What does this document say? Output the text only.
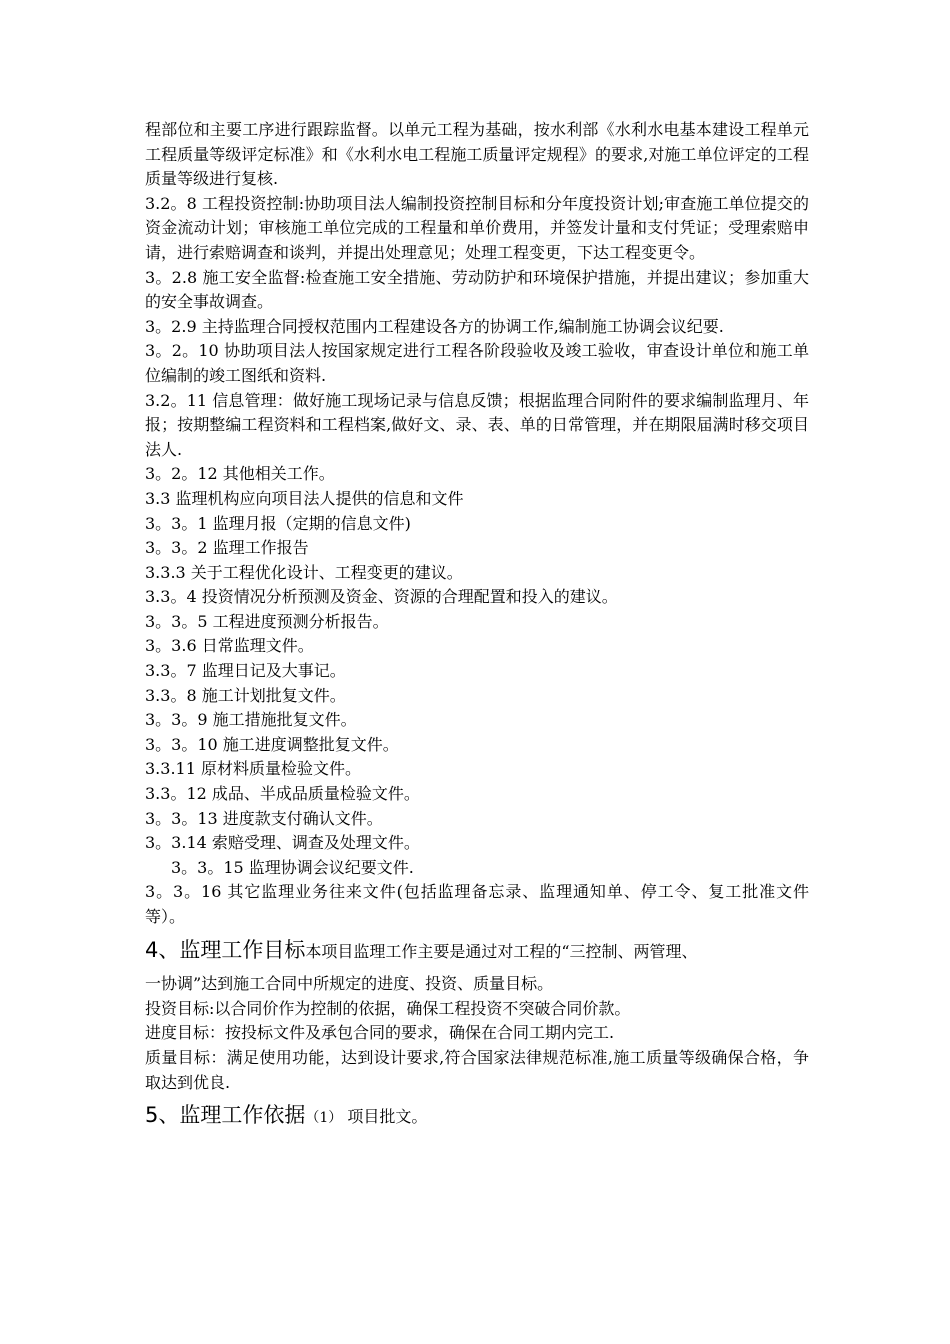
程部位和主要工序进行跟踪监督。以单元工程为基础，按水利部《水利水电基本建设工程单元工程质量等级评定标准》和《水利水电工程施工质量评定规程》的要求,对施工单位评定的工程质量等级进行复核.
3.2。8 工程投资控制:协助项目法人编制投资控制目标和分年度投资计划;审查施工单位提交的资金流动计划；审核施工单位完成的工程量和单价费用，并签发计量和支付凭证；受理索赔申请，进行索赔调查和谈判，并提出处理意见；处理工程变更，下达工程变更令。
3。2.8 施工安全监督:检查施工安全措施、劳动防护和环境保护措施，并提出建议；参加重大的安全事故调查。
3。2.9 主持监理合同授权范围内工程建设各方的协调工作,编制施工协调会议纪要.
3。2。10 协助项目法人按国家规定进行工程各阶段验收及竣工验收，审查设计单位和施工单位编制的竣工图纸和资料.
3.2。11 信息管理：做好施工现场记录与信息反馈；根据监理合同附件的要求编制监理月、年报；按期整编工程资料和工程档案,做好文、录、表、单的日常管理，并在期限届满时移交项目法人.
3。2。12 其他相关工作。
3.3 监理机构应向项目法人提供的信息和文件
3。3。1 监理月报（定期的信息文件)
3。3。2 监理工作报告
3.3.3 关于工程优化设计、工程变更的建议。
3.3。4 投资情况分析预测及资金、资源的合理配置和投入的建议。
3。3。5 工程进度预测分析报告。
3。3.6 日常监理文件。
3.3。7 监理日记及大事记。
3.3。8 施工计划批复文件。
3。3。9 施工措施批复文件。
3。3。10 施工进度调整批复文件。
3.3.11 原材料质量检验文件。
3.3。12 成品、半成品质量检验文件。
3。3。13 进度款支付确认文件。
3。3.14 索赔受理、调查及处理文件。
3。3。15 监理协调会议纪要文件.
3。3。16 其它监理业务往来文件(包括监理备忘录、监理通知单、停工令、复工批准文件等）。
4、监理工作目标本项目监理工作主要是通过对工程的“三控制、两管理、
一协调”达到施工合同中所规定的进度、投资、质量目标。
投资目标:以合同价作为控制的依据，确保工程投资不突破合同价款。
进度目标：按投标文件及承包合同的要求，确保在合同工期内完工.
质量目标：满足使用功能，达到设计要求,符合国家法律规范标准,施工质量等级确保合格，争取达到优良.
5、监理工作依据（1） 项目批文。
